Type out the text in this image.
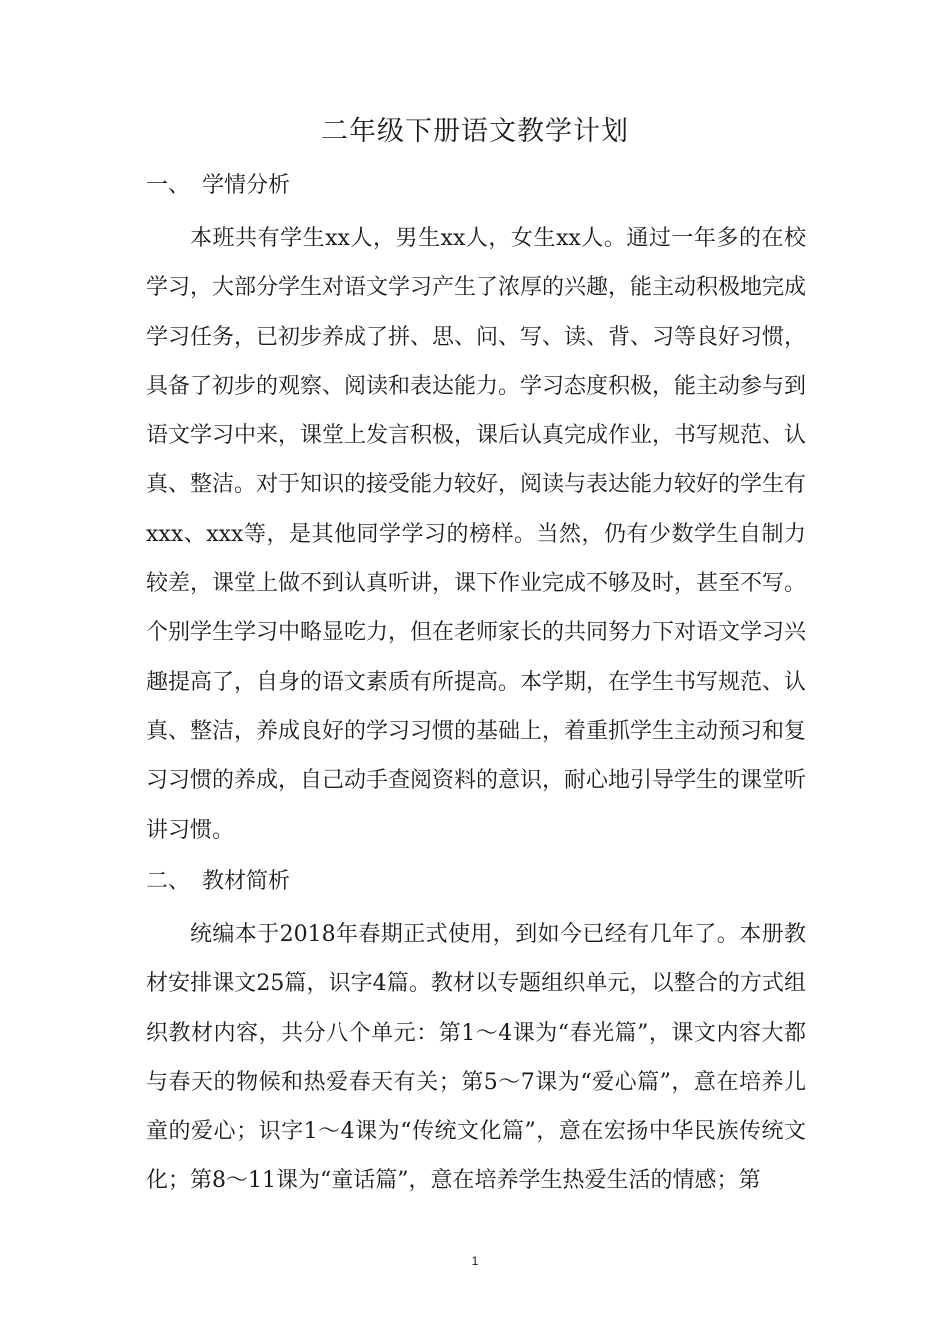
二年级下册语文教学计划
一、 学情分析
本班共有学生xx人，男生xx人，女生xx人。通过一年多的在校学习，大部分学生对语文学习产生了浓厚的兴趣，能主动积极地完成学习任务，已初步养成了拼、思、问、写、读、背、习等良好习惯，具备了初步的观察、阅读和表达能力。学习态度积极，能主动参与到语文学习中来，课堂上发言积极，课后认真完成作业，书写规范、认真、整洁。对于知识的接受能力较好，阅读与表达能力较好的学生有xxx、xxx等，是其他同学学习的榜样。当然，仍有少数学生自制力较差，课堂上做不到认真听讲，课下作业完成不够及时，甚至不写。个别学生学习中略显吃力，但在老师家长的共同努力下对语文学习兴趣提高了，自身的语文素质有所提高。本学期，在学生书写规范、认真、整洁，养成良好的学习习惯的基础上，着重抓学生主动预习和复习习惯的养成，自己动手查阅资料的意识，耐心地引导学生的课堂听讲习惯。
二、 教材简析
统编本于2018年春期正式使用，到如今已经有几年了。本册教材安排课文25篇，识字4篇。教材以专题组织单元，以整合的方式组织教材内容，共分八个单元：第1～4课为“春光篇”，课文内容大都与春天的物候和热爱春天有关；第5～7课为“爱心篇”，意在培养儿童的爱心；识字1～4课为“传统文化篇”，意在宏扬中华民族传统文化；第8～11课为“童话篇”，意在培养学生热爱生活的情感；第
1
